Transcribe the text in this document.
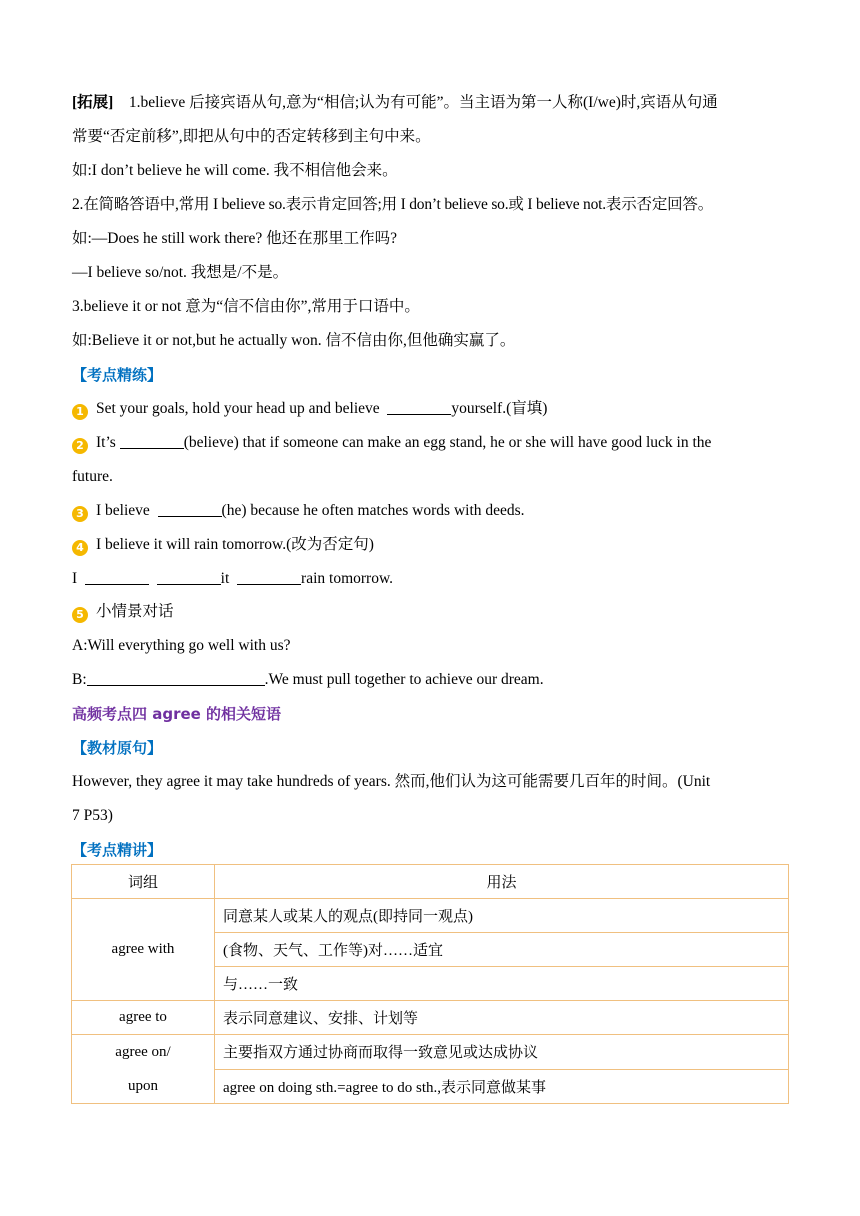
[拓展] 1.believe 后接宾语从句,意为“相信;认为有可能”。当主语为第一人称(I/we)时,宾语从句通
常要“否定前移”,即把从句中的否定转移到主句中来。
如:I don’t believe he will come. 我不相信他会来。
2.在简略答语中,常用 I believe so.表示肯定回答;用 I don’t believe so.或 I believe not.表示否定回答。
如:—Does he still work there? 他还在那里工作吗?
—I believe so/not. 我想是/不是。
3.believe it or not 意为“信不信由你”,常用于口语中。
如:Believe it or not,but he actually won. 信不信由你,但他确实赢了。
【考点精练】
1 Set your goals, hold your head up and believe	yourself.(盲填)
2 It’s	(believe) that if someone can make an egg stand, he or she will have good luck in the
future.
3 I believe	(he) because he often matches words with deeds.
4 I believe it will rain tomorrow.(改为否定句)
I	it	rain tomorrow.
5 小情景对话
A:Will everything go well with us?
B:	.We must pull together to achieve our dream.
高频考点四 agree 的相关短语
【教材原句】
However, they agree it may take hundreds of years. 然而,他们认为这可能需要几百年的时间。(Unit
7 P53)
【考点精讲】
词组	用法
agree with	同意某人或某人的观点(即持同一观点)
	(食物、天气、工作等)对……适宜
	与……一致
agree to	表示同意建议、安排、计划等
agree on/
upon	主要指双方通过协商而取得一致意见或达成协议
	agree on doing sth.=agree to do sth.,表示同意做某事
